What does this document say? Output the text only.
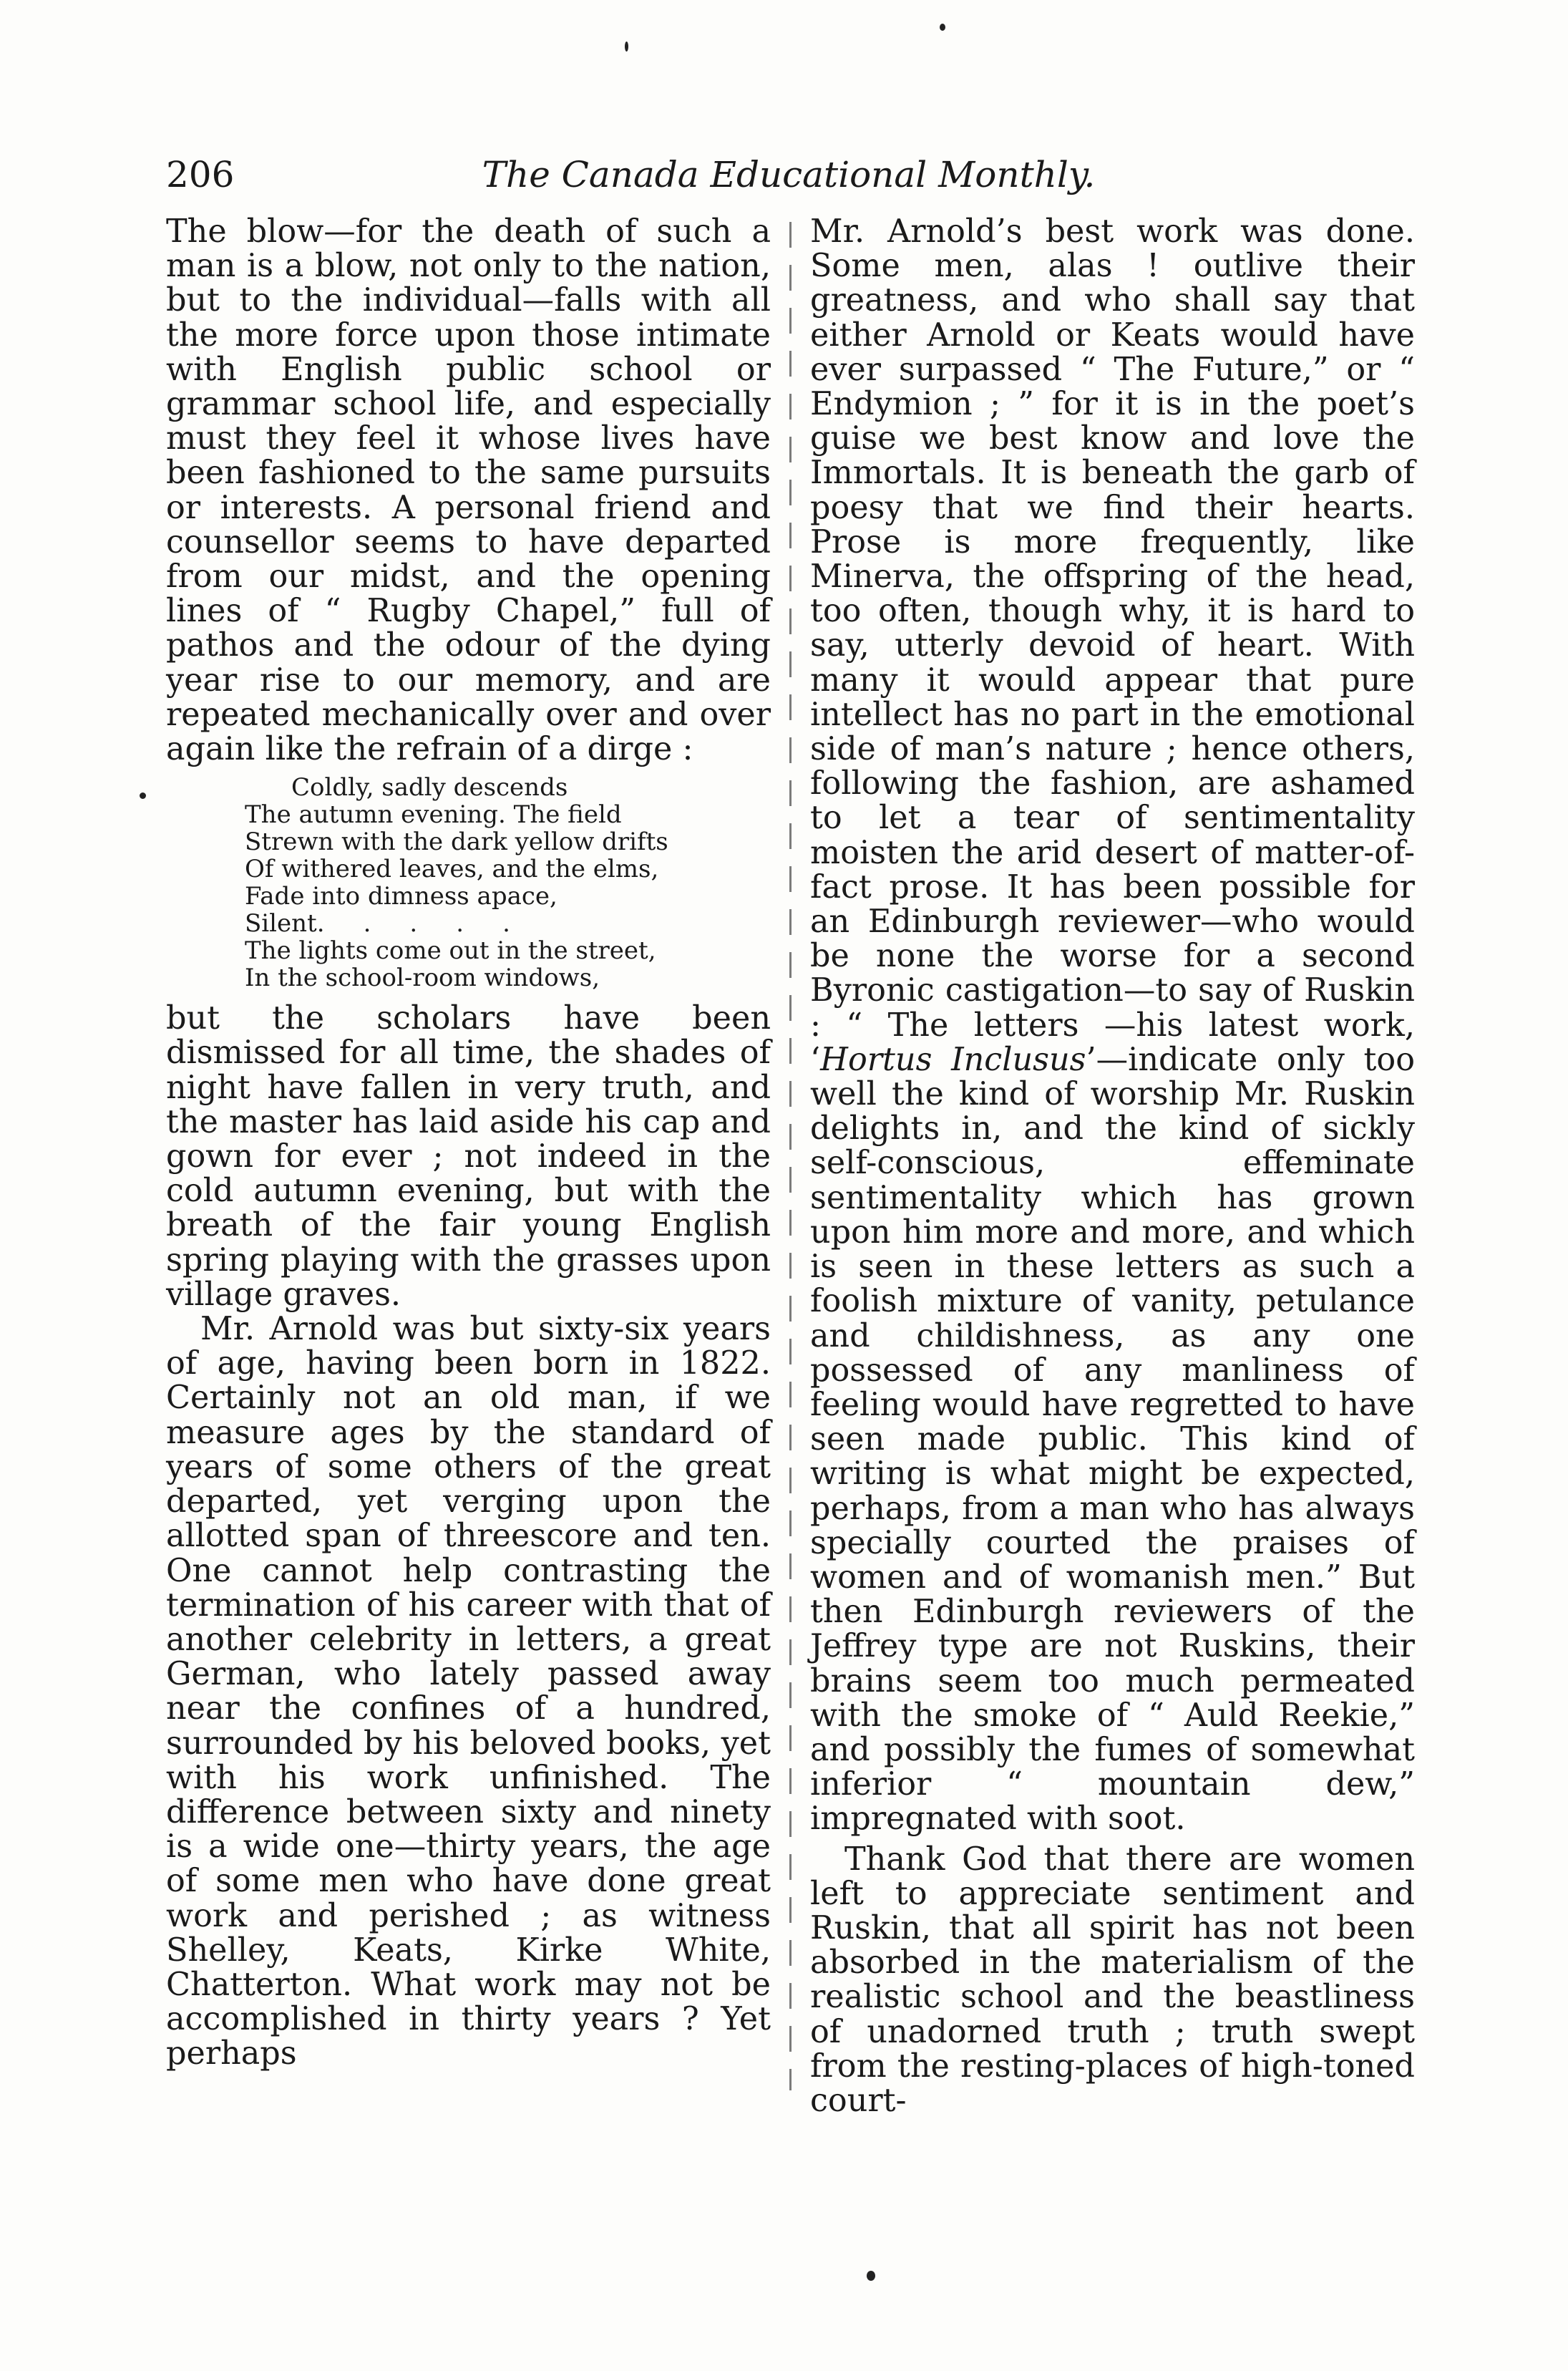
206	The Canada Educational Monthly.

The blow—for the death of such a man is a blow, not only to the nation, but to the individual—falls with all the more force upon those intimate with English public school or grammar school life, and especially must they feel it whose lives have been fashioned to the same pursuits or interests. A personal friend and counsellor seems to have departed from our midst, and the opening lines of “ Rugby Chapel,” full of pathos and the odour of the dying year rise to our memory, and are repeated mechanically over and over again like the refrain of a dirge :

Coldly, sadly descends
The autumn evening. The field
Strewn with the dark yellow drifts
Of withered leaves, and the elms,
Fade into dimness apace,
Silent.     .     .     .     .
The lights come out in the street,
In the school-room windows,

but the scholars have been dismissed for all time, the shades of night have fallen in very truth, and the master has laid aside his cap and gown for ever ; not indeed in the cold autumn evening, but with the breath of the fair young English spring playing with the grasses upon village graves.

Mr. Arnold was but sixty-six years of age, having been born in 1822. Certainly not an old man, if we measure ages by the standard of years of some others of the great departed, yet verging upon the allotted span of threescore and ten. One cannot help contrasting the termination of his career with that of another celebrity in letters, a great German, who lately passed away near the confines of a hundred, surrounded by his beloved books, yet with his work unfinished. The difference between sixty and ninety is a wide one—thirty years, the age of some men who have done great work and perished ; as witness Shelley, Keats, Kirke White, Chatterton. What work may not be accomplished in thirty years ? Yet perhaps

Mr. Arnold’s best work was done. Some men, alas ! outlive their greatness, and who shall say that either Arnold or Keats would have ever surpassed “ The Future,” or “ Endymion ; ” for it is in the poet’s guise we best know and love the Immortals. It is beneath the garb of poesy that we find their hearts. Prose is more frequently, like Minerva, the offspring of the head, too often, though why, it is hard to say, utterly devoid of heart. With many it would appear that pure intellect has no part in the emotional side of man’s nature ; hence others, following the fashion, are ashamed to let a tear of sentimentality moisten the arid desert of matter-of-fact prose. It has been possible for an Edinburgh reviewer—who would be none the worse for a second Byronic castigation—to say of Ruskin : “ The letters —his latest work, ‘Hortus Inclusus’—indicate only too well the kind of worship Mr. Ruskin delights in, and the kind of sickly self-conscious, effeminate sentimentality which has grown upon him more and more, and which is seen in these letters as such a foolish mixture of vanity, petulance and childishness, as any one possessed of any manliness of feeling would have regretted to have seen made public. This kind of writing is what might be expected, perhaps, from a man who has always specially courted the praises of women and of womanish men.” But then Edinburgh reviewers of the Jeffrey type are not Ruskins, their brains seem too much permeated with the smoke of “ Auld Reekie,” and possibly the fumes of somewhat inferior “ mountain dew,” impregnated with soot.

Thank God that there are women left to appreciate sentiment and Ruskin, that all spirit has not been absorbed in the materialism of the realistic school and the beastliness of unadorned truth ; truth swept from the resting-places of high-toned court-
